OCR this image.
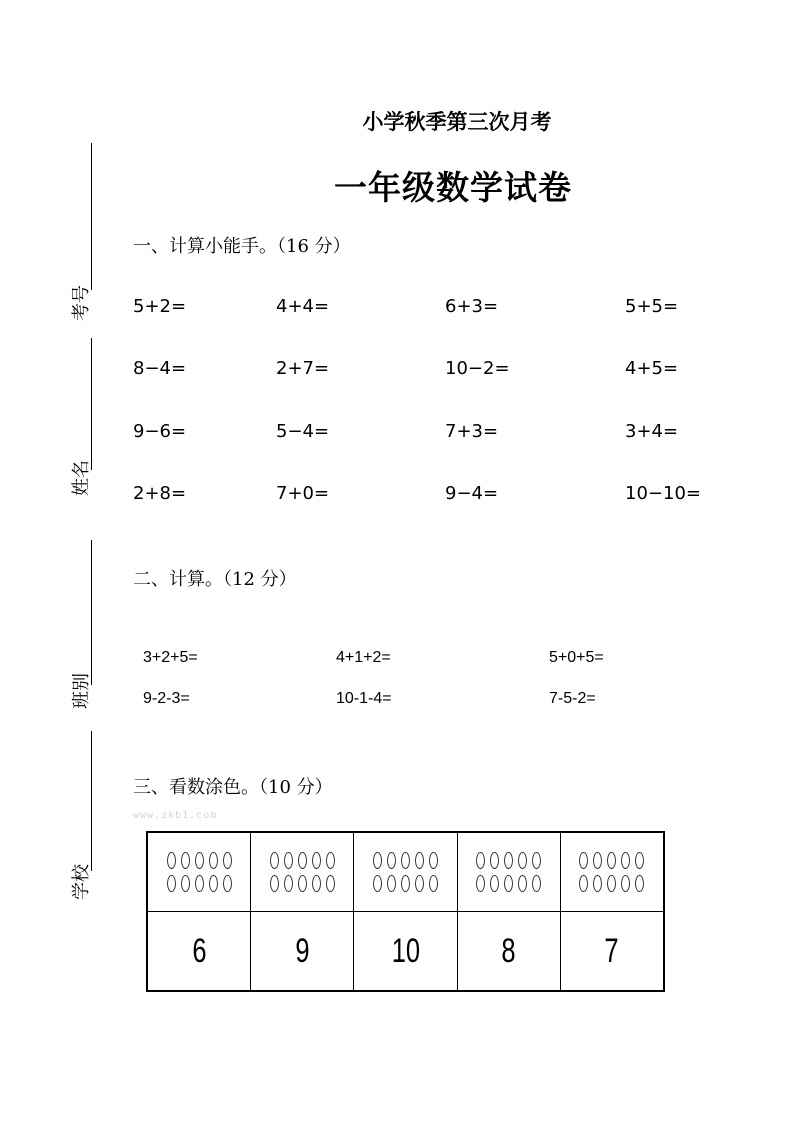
考号
姓名
班别
学校
小学秋季第三次月考
一年级数学试卷
一、计算小能手。（16 分）
5+2=	4+4=	6+3=	5+5=
8−4=	2+7=	10−2=	4+5=
9−6=	5−4=	7+3=	3+4=
2+8=	7+0=	9−4=	10−10=
二、计算。（12 分）
3+2+5=	4+1+2=	5+0+5=
9-2-3=	10-1-4=	7-5-2=
三、看数涂色。（10 分）
www.zkb1.com

6	9	10	8	7
